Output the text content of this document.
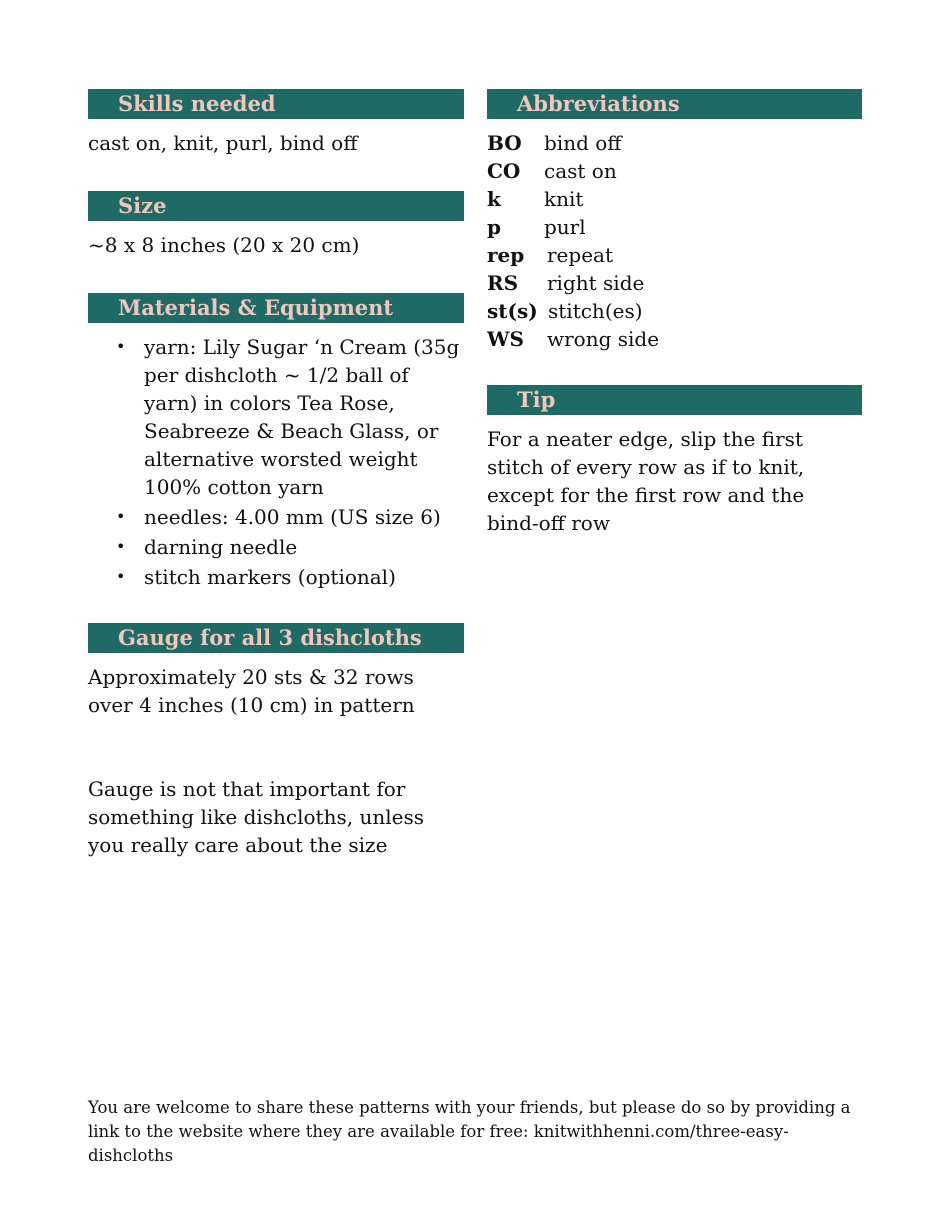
Skills needed
cast on, knit, purl, bind off
Size
~8 x 8 inches (20 x 20 cm)
Materials & Equipment
• yarn: Lily Sugar ‘n Cream (35g per dishcloth ~ 1/2 ball of yarn) in colors Tea Rose, Seabreeze & Beach Glass, or alternative worsted weight 100% cotton yarn
• needles: 4.00 mm (US size 6)
• darning needle
• stitch markers (optional)
Gauge for all 3 dishcloths
Approximately 20 sts & 32 rows over 4 inches (10 cm) in pattern
Gauge is not that important for something like dishcloths, unless you really care about the size
Abbreviations
BO bind off
CO cast on
k knit
p purl
rep repeat
RS right side
st(s) stitch(es)
WS wrong side
Tip
For a neater edge, slip the first stitch of every row as if to knit, except for the first row and the bind-off row
You are welcome to share these patterns with your friends, but please do so by providing a link to the website where they are available for free: knitwithhenni.com/three-easy-dishcloths
